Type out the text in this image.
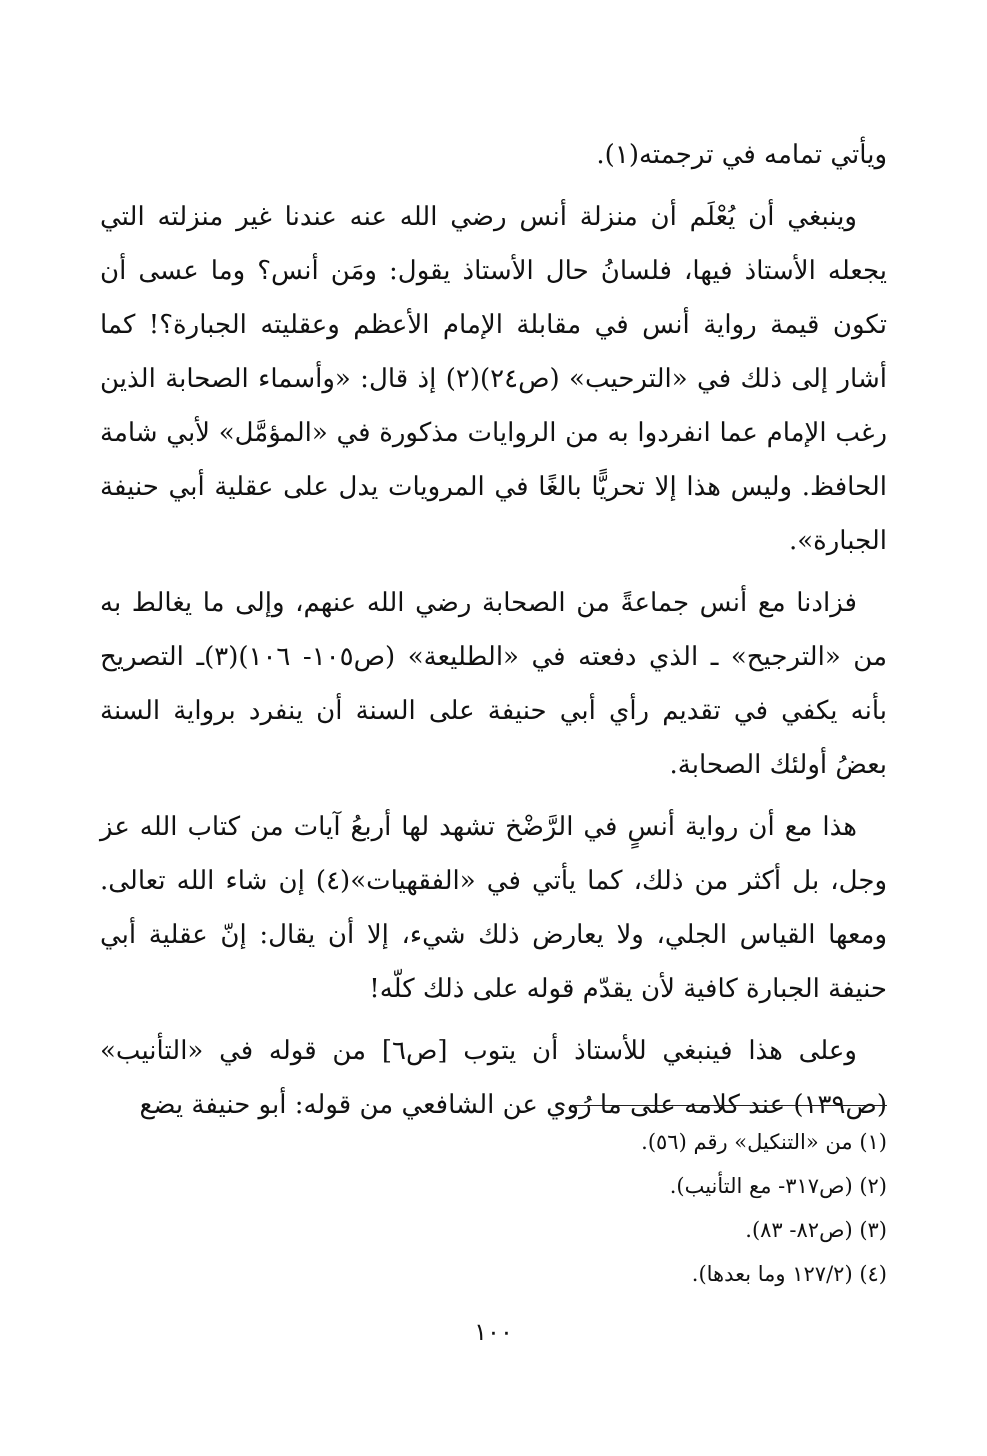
ويأتي تمامه في ترجمته(١).

وينبغي أن يُعْلَم أن منزلة أنس رضي الله عنه عندنا غير منزلته التي يجعله الأستاذ فيها، فلسانُ حال الأستاذ يقول: ومَن أنس؟ وما عسى أن تكون قيمة رواية أنس في مقابلة الإمام الأعظم وعقليته الجبارة؟! كما أشار إلى ذلك في «الترحيب» (ص٢٤)(٢) إذ قال: «وأسماء الصحابة الذين رغب الإمام عما انفردوا به من الروايات مذكورة في «المؤمَّل» لأبي شامة الحافظ. وليس هذا إلا تحريًّا بالغًا في المرويات يدل على عقلية أبي حنيفة الجبارة».

فزادنا مع أنس جماعةً من الصحابة رضي الله عنهم، وإلى ما يغالط به من «الترجيح» ـ الذي دفعته في «الطليعة» (ص١٠٥- ١٠٦)(٣)ـ التصريح بأنه يكفي في تقديم رأي أبي حنيفة على السنة أن ينفرد برواية السنة بعضُ أولئك الصحابة.

هذا مع أن رواية أنسٍ في الرَّضْخ تشهد لها أربعُ آيات من كتاب الله عز وجل، بل أكثر من ذلك، كما يأتي في «الفقهيات»(٤) إن شاء الله تعالى. ومعها القياس الجلي، ولا يعارض ذلك شيء، إلا أن يقال: إنّ عقلية أبي حنيفة الجبارة كافية لأن يقدّم قوله على ذلك كلّه!

وعلى هذا فينبغي للأستاذ أن يتوب [ص٦] من قوله في «التأنيب» (ص١٣٩) عند كلامه على ما رُوي عن الشافعي من قوله: أبو حنيفة يضع

(١) من «التنكيل» رقم (٥٦).

(٢) (ص٣١٧- مع التأنيب).

(٣) (ص٨٢- ٨٣).

(٤) (١٢٧/٢ وما بعدها).

١٠٠
